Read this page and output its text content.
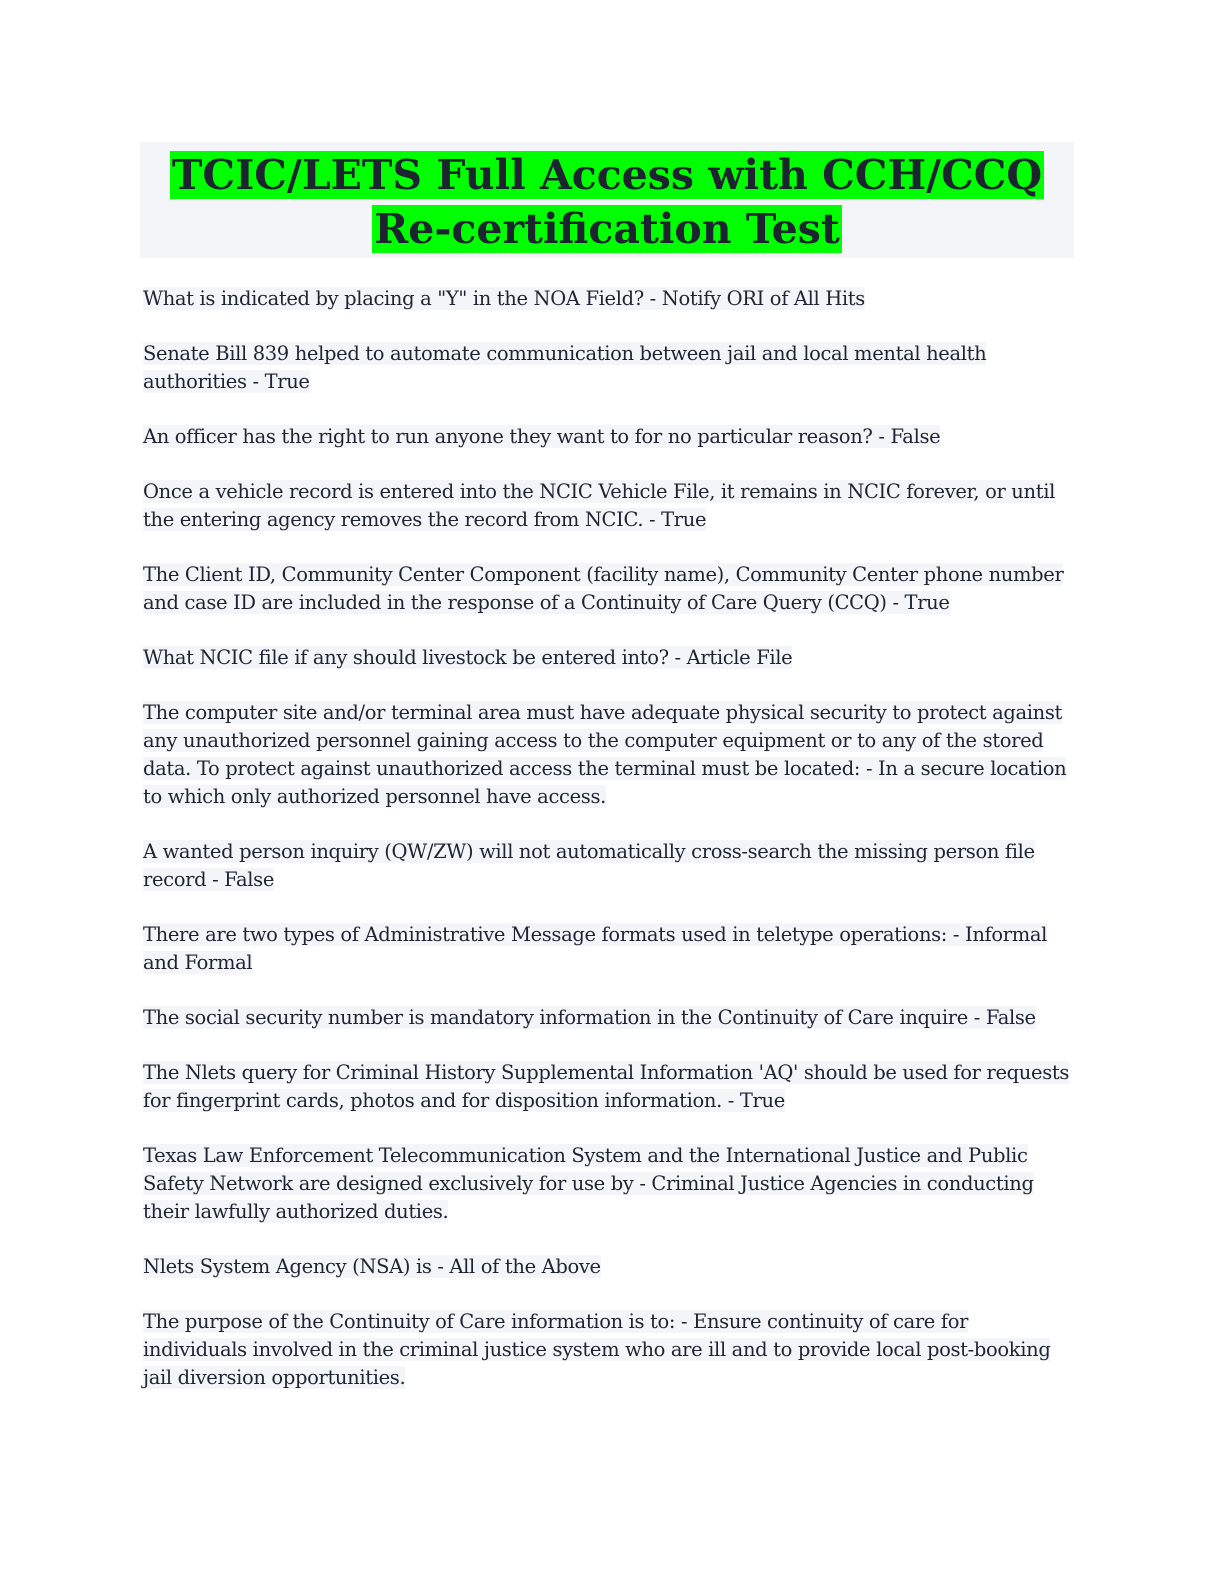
TCIC/LETS Full Access with CCH/CCQ Re-certification Test

What is indicated by placing a "Y" in the NOA Field? - Notify ORI of All Hits

Senate Bill 839 helped to automate communication between jail and local mental health authorities - True

An officer has the right to run anyone they want to for no particular reason? - False

Once a vehicle record is entered into the NCIC Vehicle File, it remains in NCIC forever, or until the entering agency removes the record from NCIC. - True

The Client ID, Community Center Component (facility name), Community Center phone number and case ID are included in the response of a Continuity of Care Query (CCQ) - True

What NCIC file if any should livestock be entered into? - Article File

The computer site and/or terminal area must have adequate physical security to protect against any unauthorized personnel gaining access to the computer equipment or to any of the stored data. To protect against unauthorized access the terminal must be located: - In a secure location to which only authorized personnel have access.

A wanted person inquiry (QW/ZW) will not automatically cross-search the missing person file record - False

There are two types of Administrative Message formats used in teletype operations: - Informal and Formal

The social security number is mandatory information in the Continuity of Care inquire - False

The Nlets query for Criminal History Supplemental Information 'AQ' should be used for requests for fingerprint cards, photos and for disposition information. - True

Texas Law Enforcement Telecommunication System and the International Justice and Public Safety Network are designed exclusively for use by - Criminal Justice Agencies in conducting their lawfully authorized duties.

Nlets System Agency (NSA) is - All of the Above

The purpose of the Continuity of Care information is to: - Ensure continuity of care for individuals involved in the criminal justice system who are ill and to provide local post-booking jail diversion opportunities.
